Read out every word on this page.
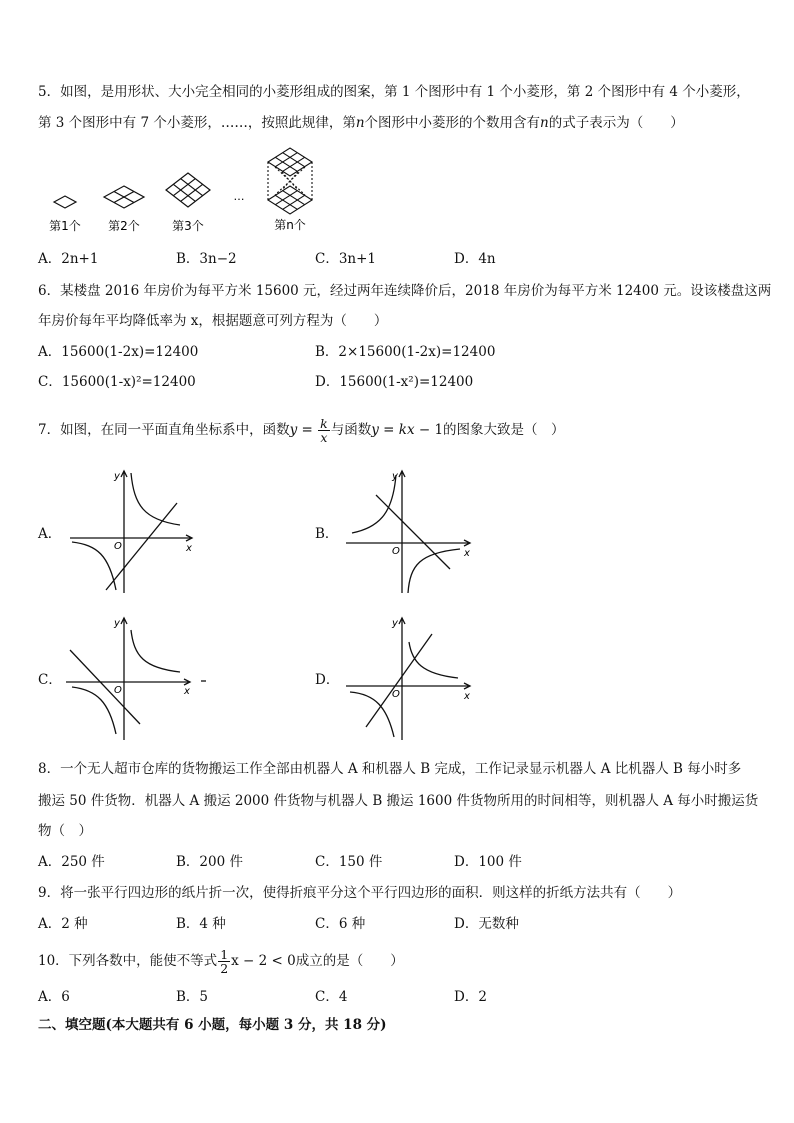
5．如图，是用形状、大小完全相同的小菱形组成的图案，第 1 个图形中有 1 个小菱形，第 2 个图形中有 4 个小菱形，
第 3 个图形中有 7 个小菱形，……，按照此规律，第n个图形中小菱形的个数用含有n的式子表示为（　　）
第1个 第2个	第3个
…
第n个
A．2n+1	B．3n−2	C．3n+1	D．4n
6．某楼盘 2016 年房价为每平方米 15600 元，经过两年连续降价后，2018 年房价为每平方米 12400 元。设该楼盘这两
年房价每年平均降低率为 x，根据题意可列方程为（　　）
A．15600(1-2x)=12400	B．2×15600(1-2x)=12400
C．15600(1-x)²=12400	D．15600(1-x²)=12400
7．如图，在同一平面直角坐标系中，函数$y = \frac{k}{x}$ 与函数y = kx − 1的图象大致是（　）
A．	B．
C．	D．
y
x
O
y
x
O
y
x
O
y
x
O
8．一个无人超市仓库的货物搬运工作全部由机器人 A 和机器人 B 完成，工作记录显示机器人 A 比机器人 B 每小时多
搬运 50 件货物．机器人 A 搬运 2000 件货物与机器人 B 搬运 1600 件货物所用的时间相等，则机器人 A 每小时搬运货
物（　）
A．250 件	B．200 件	C．150 件	D．100 件
9．将一张平行四边形的纸片折一次，使得折痕平分这个平行四边形的面积．则这样的折纸方法共有（　　）
A．2 种	B．4 种	C．6 种	D．无数种
10．下列各数中，能使不等式 $\frac{1}{2}$ x − 2 < 0成立的是（　　）
A．6	B．5	C．4	D．2
二、填空题(本大题共有 6 小题，每小题 3 分，共 18 分)
